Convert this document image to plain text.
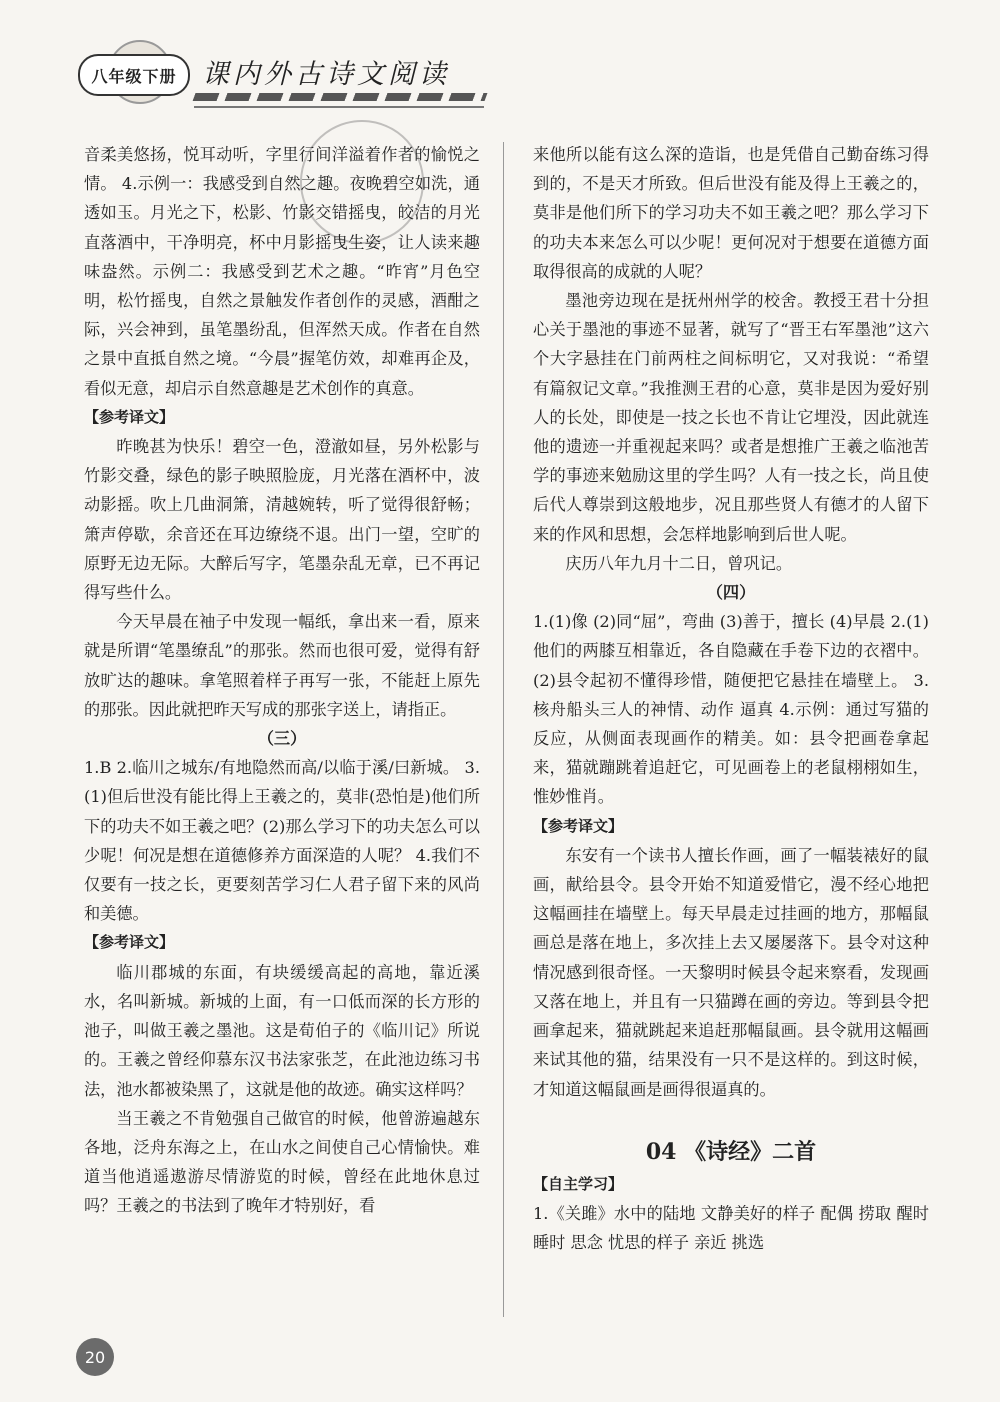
八年级下册 课内外古诗文阅读

音柔美悠扬，悦耳动听，字里行间洋溢着作者的愉悦之情。 4.示例一：我感受到自然之趣。夜晚碧空如洗，通透如玉。月光之下，松影、竹影交错摇曳，皎洁的月光直落酒中，干净明亮，杯中月影摇曳生姿，让人读来趣味盎然。示例二：我感受到艺术之趣。“昨宵”月色空明，松竹摇曳，自然之景触发作者创作的灵感，酒酣之际，兴会神到，虽笔墨纷乱，但浑然天成。作者在自然之景中直抵自然之境。“今晨”握笔仿效，却难再企及，看似无意，却启示自然意趣是艺术创作的真意。

【参考译文】

昨晚甚为快乐！碧空一色，澄澈如昼，另外松影与竹影交叠，绿色的影子映照脸庞，月光落在酒杯中，波动影摇。吹上几曲洞箫，清越婉转，听了觉得很舒畅；箫声停歇，余音还在耳边缭绕不退。出门一望，空旷的原野无边无际。大醉后写字，笔墨杂乱无章，已不再记得写些什么。

今天早晨在袖子中发现一幅纸，拿出来一看，原来就是所谓“笔墨缭乱”的那张。然而也很可爱，觉得有舒放旷达的趣味。拿笔照着样子再写一张，不能赶上原先的那张。因此就把昨天写成的那张字送上，请指正。

（三）

1.B 2.临川之城东/有地隐然而高/以临于溪/曰新城。 3.(1)但后世没有能比得上王羲之的，莫非(恐怕是)他们所下的功夫不如王羲之吧？(2)那么学习下的功夫怎么可以少呢！何况是想在道德修养方面深造的人呢？ 4.我们不仅要有一技之长，更要刻苦学习仁人君子留下来的风尚和美德。

【参考译文】

临川郡城的东面，有块缓缓高起的高地，靠近溪水，名叫新城。新城的上面，有一口低而深的长方形的池子，叫做王羲之墨池。这是荀伯子的《临川记》所说的。王羲之曾经仰慕东汉书法家张芝，在此池边练习书法，池水都被染黑了，这就是他的故迹。确实这样吗？

当王羲之不肯勉强自己做官的时候，他曾游遍越东各地，泛舟东海之上，在山水之间使自己心情愉快。难道当他逍遥遨游尽情游览的时候，曾经在此地休息过吗？王羲之的书法到了晚年才特别好，看

来他所以能有这么深的造诣，也是凭借自己勤奋练习得到的，不是天才所致。但后世没有能及得上王羲之的，莫非是他们所下的学习功夫不如王羲之吧？那么学习下的功夫本来怎么可以少呢！更何况对于想要在道德方面取得很高的成就的人呢？

墨池旁边现在是抚州州学的校舍。教授王君十分担心关于墨池的事迹不显著，就写了“晋王右军墨池”这六个大字悬挂在门前两柱之间标明它，又对我说：“希望有篇叙记文章。”我推测王君的心意，莫非是因为爱好别人的长处，即使是一技之长也不肯让它埋没，因此就连他的遗迹一并重视起来吗？或者是想推广王羲之临池苦学的事迹来勉励这里的学生吗？人有一技之长，尚且使后代人尊崇到这般地步，况且那些贤人有德才的人留下来的作风和思想，会怎样地影响到后世人呢。

庆历八年九月十二日，曾巩记。

（四）

1.(1)像 (2)同“屈”，弯曲 (3)善于，擅长 (4)早晨 2.(1)他们的两膝互相靠近，各自隐藏在手卷下边的衣褶中。 (2)县令起初不懂得珍惜，随便把它悬挂在墙壁上。 3.核舟船头三人的神情、动作 逼真 4.示例：通过写猫的反应，从侧面表现画作的精美。如：县令把画卷拿起来，猫就蹦跳着追赶它，可见画卷上的老鼠栩栩如生，惟妙惟肖。

【参考译文】

东安有一个读书人擅长作画，画了一幅装裱好的鼠画，献给县令。县令开始不知道爱惜它，漫不经心地把这幅画挂在墙壁上。每天早晨走过挂画的地方，那幅鼠画总是落在地上，多次挂上去又屡屡落下。县令对这种情况感到很奇怪。一天黎明时候县令起来察看，发现画又落在地上，并且有一只猫蹲在画的旁边。等到县令把画拿起来，猫就跳起来追赶那幅鼠画。县令就用这幅画来试其他的猫，结果没有一只不是这样的。到这时候，才知道这幅鼠画是画得很逼真的。

04 《诗经》二首

【自主学习】

1.《关雎》水中的陆地 文静美好的样子 配偶 捞取 醒时 睡时 思念 忧思的样子 亲近 挑选

20
